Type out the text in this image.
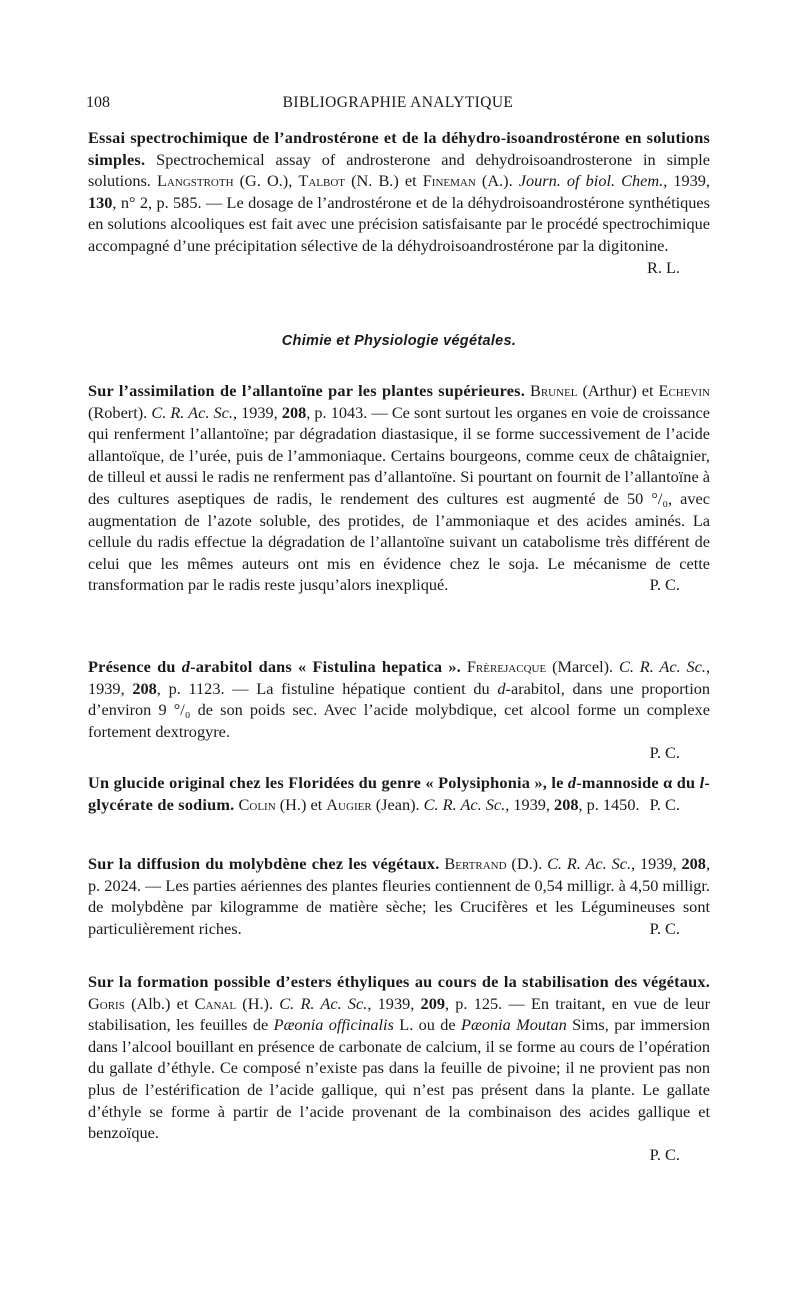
108	BIBLIOGRAPHIE ANALYTIQUE

Essai spectrochimique de l’androstérone et de la déhydro-isoandrostérone en solutions simples. Spectrochemical assay of androsterone and dehydroisoandrosterone in simple solutions. Langstroth (G. O.), Talbot (N. B.) et Fineman (A.). Journ. of biol. Chem., 1939, 130, n° 2, p. 585. — Le dosage de l’androstérone et de la déhydroisoandrostérone synthétiques en solutions alcooliques est fait avec une précision satisfaisante par le procédé spectrochimique accompagné d’une précipitation sélective de la déhydroisoandrostérone par la digitonine.
R. L.

Chimie et Physiologie végétales.

Sur l’assimilation de l’allantoïne par les plantes supérieures. Brunel (Arthur) et Echevin (Robert). C. R. Ac. Sc., 1939, 208, p. 1043. — Ce sont surtout les organes en voie de croissance qui renferment l’allantoïne; par dégradation diastasique, il se forme successivement de l’acide allantoïque, de l’urée, puis de l’ammoniaque. Certains bourgeons, comme ceux de châtaignier, de tilleul et aussi le radis ne renferment pas d’allantoïne. Si pourtant on fournit de l’allantoïne à des cultures aseptiques de radis, le rendement des cultures est augmenté de 50 °/₀, avec augmentation de l’azote soluble, des protides, de l’ammoniaque et des acides aminés. La cellule du radis effectue la dégradation de l’allantoïne suivant un catabolisme très différent de celui que les mêmes auteurs ont mis en évidence chez le soja. Le mécanisme de cette transformation par le radis reste jusqu’alors inexpliqué.	P. C.

Présence du d-arabitol dans « Fistulina hepatica ». Frèrejacque (Marcel). C. R. Ac. Sc., 1939, 208, p. 1123. — La fistuline hépatique contient du d-arabitol, dans une proportion d’environ 9 °/₀ de son poids sec. Avec l’acide molybdique, cet alcool forme un complexe fortement dextrogyre.
P. C.

Un glucide original chez les Floridées du genre « Polysiphonia », le d-mannoside α du l-glycérate de sodium. Colin (H.) et Augier (Jean). C. R. Ac. Sc., 1939, 208, p. 1450. P. C.

Sur la diffusion du molybdène chez les végétaux. Bertrand (D.). C. R. Ac. Sc., 1939, 208, p. 2024. — Les parties aériennes des plantes fleuries contiennent de 0,54 milligr. à 4,50 milligr. de molybdène par kilogramme de matière sèche; les Crucifères et les Légumineuses sont particulièrement riches.	P. C.

Sur la formation possible d’esters éthyliques au cours de la stabilisation des végétaux. Goris (Alb.) et Canal (H.). C. R. Ac. Sc., 1939, 209, p. 125. — En traitant, en vue de leur stabilisation, les feuilles de Pæonia officinalis L. ou de Pæonia Moutan Sims, par immersion dans l’alcool bouillant en présence de carbonate de calcium, il se forme au cours de l’opération du gallate d’éthyle. Ce composé n’existe pas dans la feuille de pivoine; il ne provient pas non plus de l’estérification de l’acide gallique, qui n’est pas présent dans la plante. Le gallate d’éthyle se forme à partir de l’acide provenant de la combinaison des acides gallique et benzoïque.
P. C.
